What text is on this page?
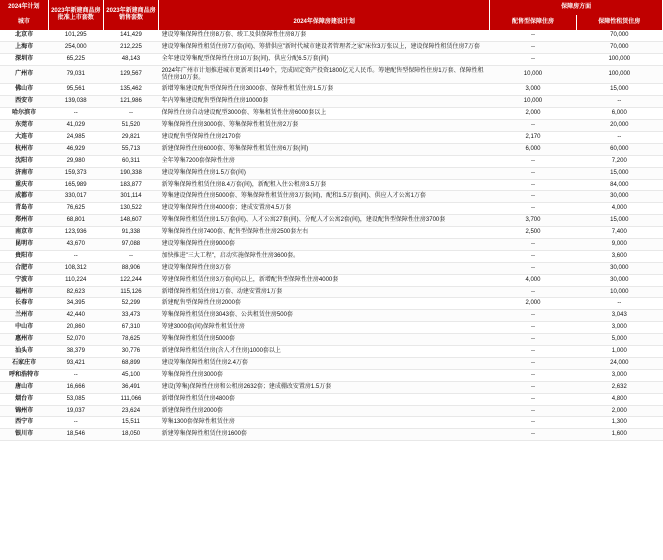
2024年计划	
2023年新建商品房
批准上市套数

2023年新建商品房
销售套数
		保障房方面
城市			2024年保障房建设计划	配售型保障住房	保障性租赁住房
北京市	101,295	141,429	建设筹集保障性住房8万套、竣工及供保障性住房8万套	--	70,000
上海市	254,000	212,225	建设筹集保障性租赁住房7万套(间)、筹措供应"新时代城市建设者管理者之家"床位3万张以上，建设保障性租赁住房7万套	--	70,000
深圳市	65,225	48,143	全年建设筹集配型保障性住房10万套(间)、供应分配6.5万套(间)	--	100,000
广州市	79,031	129,567	2024年广州市计划推进城市更新项目149个，完成固定资产投资1800亿元人民币。筹建配售型保障性住房1万套、保障性租赁住房10万套。	10,000	100,000
佛山市	95,561	135,462	新增筹集建设配售型保障性住房3000套、保障性租赁住房1.5万套	3,000	15,000
西安市	139,038	121,986	年内筹集建设配售型保障性住房10000套	10,000	--
哈尔滨市	--	--	保障性住房自动建设配型3000套、筹集租赁性住房6000套以上	2,000	6,000
东莞市	41,029	51,520	筹集保障性住房3000套、筹集保障性租赁住房2万套	--	20,000
大连市	24,985	29,821	建设配售型保障性住房2170套	2,170	--
杭州市	46,929	55,713	新建保障性住房6000套、筹集保障性租赁住房6万套(间)	6,000	60,000
沈阳市	29,980	60,311	全年筹集7200套保障性住房	--	7,200
济南市	159,373	190,338	建设筹集保障性住房1.5万套(间)	--	15,000
重庆市	165,989	183,877	新筹集保障性租赁住房8.4万套(间)，新配租入住公租房3.5万套	--	84,000
成都市	330,017	301,114	筹集建设保障性住房5000套、筹集保障性租赁住房3万套(间)、配租1.5万套(间)、供应人才公寓1万套	--	30,000
青岛市	76,625	130,522	建设筹集保障性住房4000套；建成安置房4.5万套	--	4,000
郑州市	68,801	148,607	筹集保障性租赁住房1.5万套(间)、人才公寓27套(间)、分配人才公寓2套(间)，建设配售型保障性住房3700套	3,700	15,000
南京市	123,936	91,338	筹集保障性住房7400套、配售型保障性住房2500套左右	2,500	7,400
昆明市	43,670	97,088	建设筹集保障性住房9000套	--	9,000
贵阳市	--	--	加快推进"三大工程"，启动实施保障性住房3600套。	--	3,600
合肥市	108,312	88,906	建设筹集保障性住房3万套	--	30,000
宁波市	110,224	122,244	筹建保障性租赁住房3万套(间)以上，新增配售型保障性住房4000套	4,000	30,000
福州市	82,623	115,126	新增保障性租赁住房1万套、动建安置房1万套	--	10,000
长春市	34,395	52,299	新建配售型保障性住房2000套	2,000	--
兰州市	42,440	33,473	筹集保障性租赁住房3043套、公共租赁住房500套	--	3,043
中山市	20,860	67,310	筹建3000套(间)保障性租赁住房	--	3,000
惠州市	52,070	78,625	筹集保障性租赁住房5000套	--	5,000
汕头市	38,379	30,776	新建保障性租赁住房(含人才住房)1000套以上	--	1,000
石家庄市	93,421	68,899	建设筹集保障性租赁住房2.4万套	--	24,000
呼和浩特市	--	45,100	筹集保障性住房3000套	--	3,000
唐山市	16,666	36,491	建设(筹集)保障性住房和公租房2632套；建成棚改安置房1.5万套	--	2,632
烟台市	53,085	111,066	新增保障性租赁住房4800套	--	4,800
锦州市	19,037	23,624	新建保障性住房2000套	--	2,000
西宁市	--	15,511	筹集1300套保障性租赁住房	--	1,300
银川市	18,546	18,050	新建筹集保障性租赁住房1600套	--	1,600
